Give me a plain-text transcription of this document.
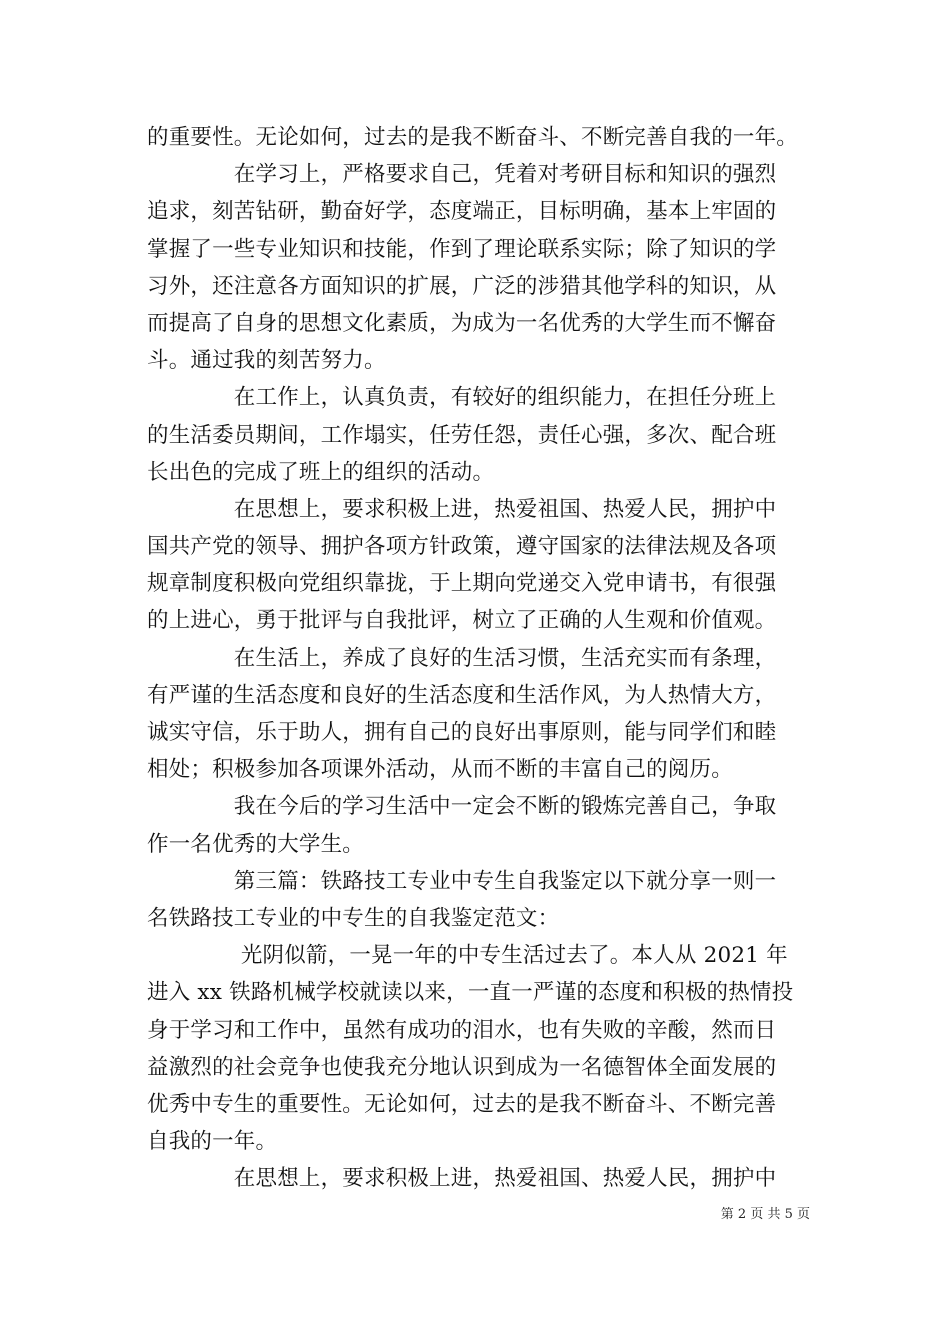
的重要性。无论如何，过去的是我不断奋斗、不断完善自我的一年。
　　　　在学习上，严格要求自己，凭着对考研目标和知识的强烈
追求，刻苦钻研，勤奋好学，态度端正，目标明确，基本上牢固的
掌握了一些专业知识和技能，作到了理论联系实际；除了知识的学
习外，还注意各方面知识的扩展，广泛的涉猎其他学科的知识，从
而提高了自身的思想文化素质，为成为一名优秀的大学生而不懈奋
斗。通过我的刻苦努力。
　　　　在工作上，认真负责，有较好的组织能力，在担任分班上
的生活委员期间，工作塌实，任劳任怨，责任心强，多次、配合班
长出色的完成了班上的组织的活动。
　　　　在思想上，要求积极上进，热爱祖国、热爱人民，拥护中
国共产党的领导、拥护各项方针政策，遵守国家的法律法规及各项
规章制度积极向党组织靠拢，于上期向党递交入党申请书，有很强
的上进心，勇于批评与自我批评，树立了正确的人生观和价值观。
　　　　在生活上，养成了良好的生活习惯，生活充实而有条理，
有严谨的生活态度和良好的生活态度和生活作风，为人热情大方，
诚实守信，乐于助人，拥有自己的良好出事原则，能与同学们和睦
相处；积极参加各项课外活动，从而不断的丰富自己的阅历。
　　　　我在今后的学习生活中一定会不断的锻炼完善自己，争取
作一名优秀的大学生。
　　　　第三篇：铁路技工专业中专生自我鉴定以下就分享一则一
名铁路技工专业的中专生的自我鉴定范文：
　　　　 光阴似箭，一晃一年的中专生活过去了。本人从 2021 年
进入 xx 铁路机械学校就读以来，一直一严谨的态度和积极的热情投
身于学习和工作中，虽然有成功的泪水，也有失败的辛酸，然而日
益激烈的社会竞争也使我充分地认识到成为一名德智体全面发展的
优秀中专生的重要性。无论如何，过去的是我不断奋斗、不断完善
自我的一年。
　　　　在思想上，要求积极上进，热爱祖国、热爱人民，拥护中
第 2 页 共 5 页
